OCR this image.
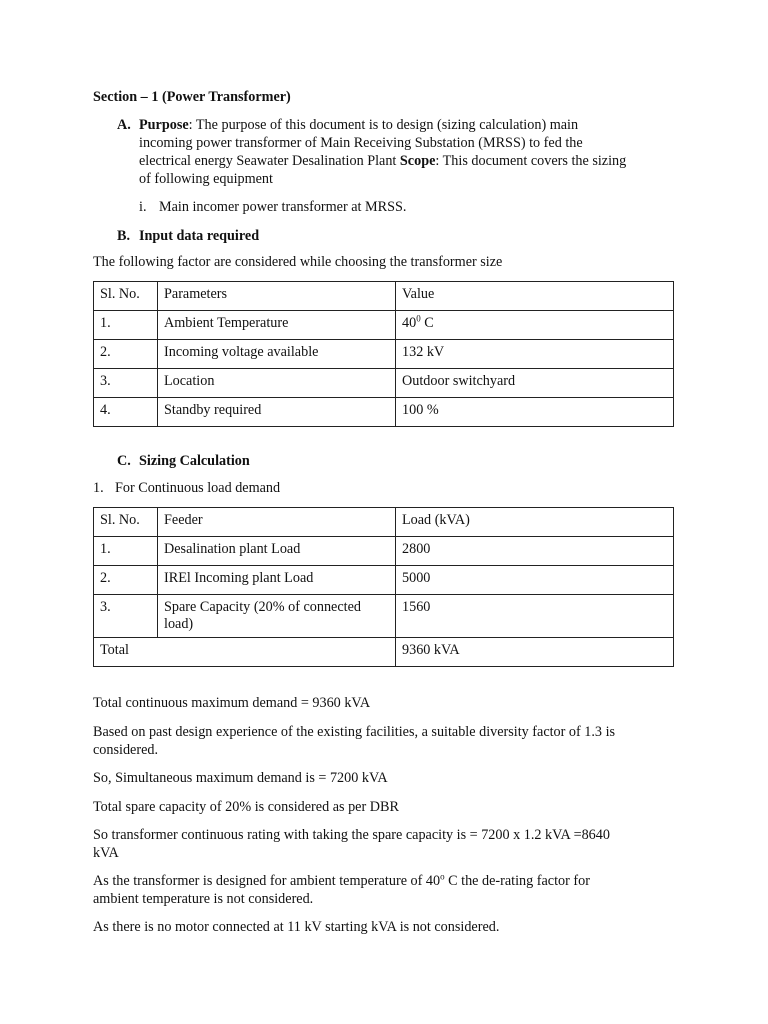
Section – 1 (Power Transformer)
A. Purpose: The purpose of this document is to design (sizing calculation) main
incoming power transformer of Main Receiving Substation (MRSS) to fed the
electrical energy Seawater Desalination Plant Scope: This document covers the sizing
of following equipment
i. Main incomer power transformer at MRSS.
B. Input data required
The following factor are considered while choosing the transformer size
Sl. No.	Parameters	Value
1.	Ambient Temperature	$40^0$ C
2.	Incoming voltage available	132 kV
3.	Location	Outdoor switchyard
4.	Standby required	100 %
C. Sizing Calculation
1. For Continuous load demand
Sl. No.	Feeder	Load (kVA)
1.	Desalination plant Load	2800
2.	IREl Incoming plant Load	5000
3.	Spare Capacity (20% of connected
load)	1560
Total		9360 kVA
Total continuous maximum demand = 9360 kVA
Based on past design experience of the existing facilities, a suitable diversity factor of 1.3 is
considered.
So, Simultaneous maximum demand is = 7200 kVA
Total spare capacity of 20% is considered as per DBR
So transformer continuous rating with taking the spare capacity is = 7200 x 1.2 kVA =8640
kVA
As the transformer is designed for ambient temperature of 40$^o$ C the de-rating factor for
ambient temperature is not considered.
As there is no motor connected at 11 kV starting kVA is not considered.
